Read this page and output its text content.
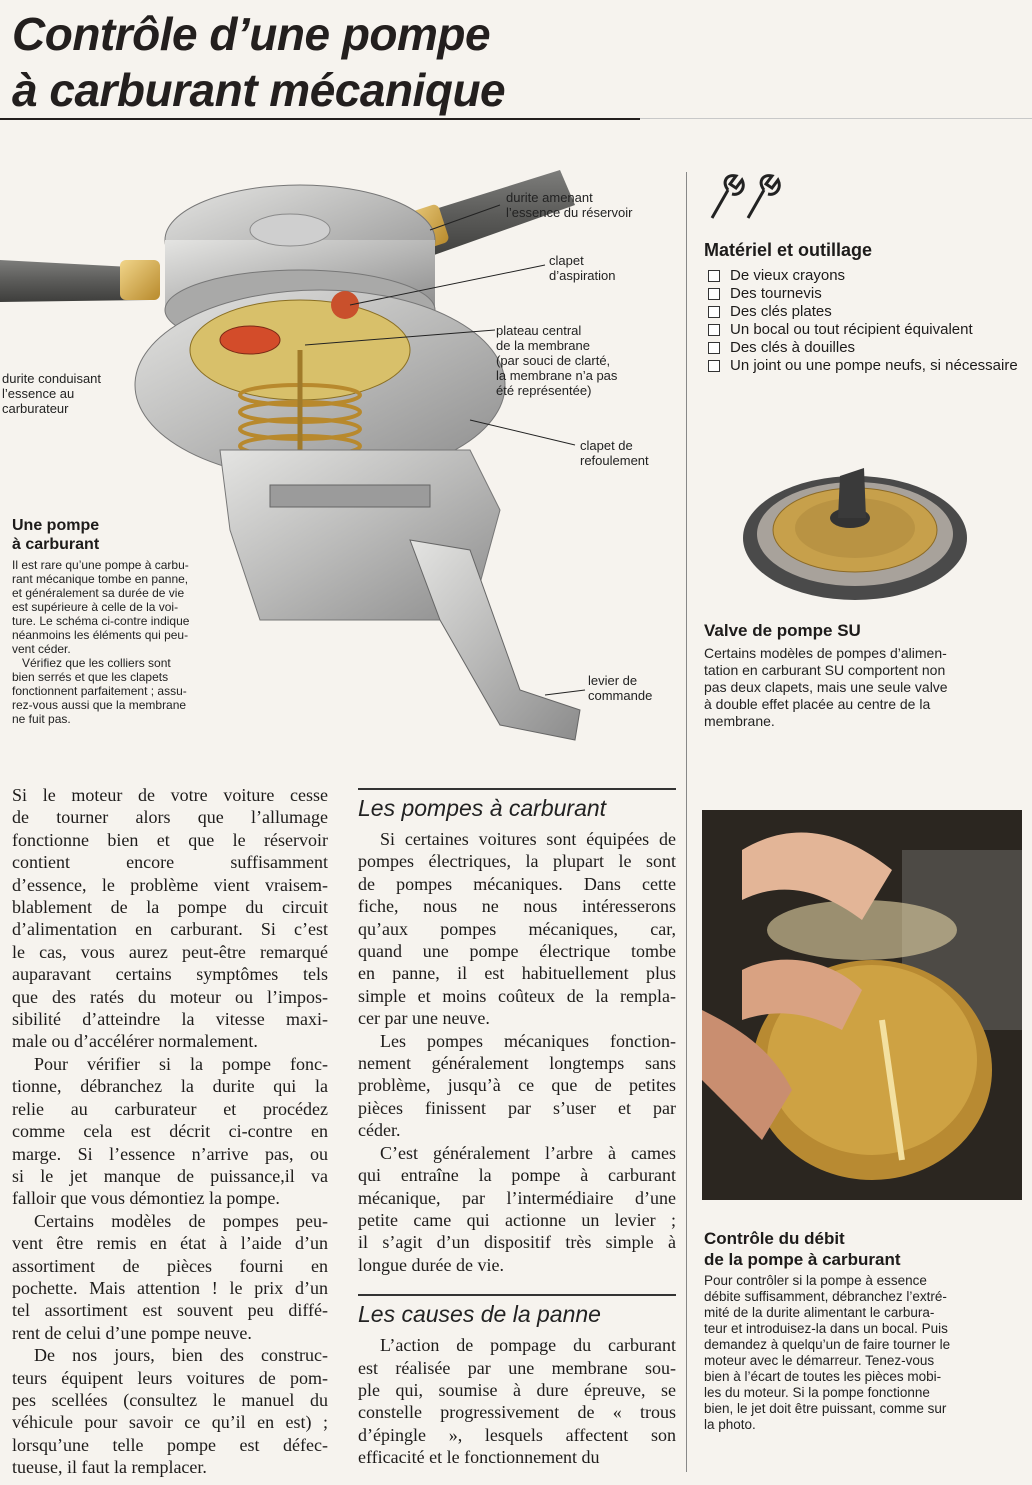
Contrôle d’une pompe
à carburant mécanique
durite amenant
l’essence du réservoir
clapet
d’aspiration
plateau central
de la membrane
(par souci de clarté,
la membrane n’a pas
été représentée)
durite conduisant
l’essence au
carburateur
clapet de
refoulement
levier de
commande
Une pompe
à carburant
Il est rare qu’une pompe à carbu-
rant mécanique tombe en panne,
et généralement sa durée de vie
est supérieure à celle de la voi-
ture. Le schéma ci-contre indique
néanmoins les éléments qui peu-
vent céder.
Vérifiez que les colliers sont
bien serrés et que les clapets
fonctionnent parfaitement ; assu-
rez-vous aussi que la membrane
ne fuit pas.

Si le moteur de votre voiture cesse
de tourner alors que l’allumage
fonctionne bien et que le réservoir
contient encore suffisamment
d’essence, le problème vient vraisem-
blablement de la pompe du circuit
d’alimentation en carburant. Si c’est
le cas, vous aurez peut-être remarqué
auparavant certains symptômes tels
que des ratés du moteur ou l’impos-
sibilité d’atteindre la vitesse maxi-
male ou d’accélérer normalement.

Pour vérifier si la pompe fonc-
tionne, débranchez la durite qui la
relie au carburateur et procédez
comme cela est décrit ci-contre en
marge. Si l’essence n’arrive pas, ou
si le jet manque de puissance,il va
falloir que vous démontiez la pompe.

Certains modèles de pompes peu-
vent être remis en état à l’aide d’un
assortiment de pièces fourni en
pochette. Mais attention ! le prix d’un
tel assortiment est souvent peu diffé-
rent de celui d’une pompe neuve.

De nos jours, bien des construc-
teurs équipent leurs voitures de pom-
pes scellées (consultez le manuel du
véhicule pour savoir ce qu’il en est) ;
lorsqu’une telle pompe est défec-
tueuse, il faut la remplacer.

Les pompes à carburant

Si certaines voitures sont équipées de
pompes électriques, la plupart le sont
de pompes mécaniques. Dans cette
fiche, nous ne nous intéresserons
qu’aux pompes mécaniques, car,
quand une pompe électrique tombe
en panne, il est habituellement plus
simple et moins coûteux de la rempla-
cer par une neuve.

Les pompes mécaniques fonction-
nement généralement longtemps sans
problème, jusqu’à ce que de petites
pièces finissent par s’user et par
céder.

C’est généralement l’arbre à cames
qui entraîne la pompe à carburant
mécanique, par l’intermédiaire d’une
petite came qui actionne un levier ;
il s’agit d’un dispositif très simple à
longue durée de vie.

Les causes de la panne

L’action de pompage du carburant
est réalisée par une membrane sou-
ple qui, soumise à dure épreuve, se
constelle progressivement de « trous
d’épingle », lesquels affectent son
efficacité et le fonctionnement du

Matériel et outillage
De vieux crayons
Des tournevis
Des clés plates
Un bocal ou tout récipient équivalent
Des clés à douilles
Un joint ou une pompe neufs, si nécessaire
Valve de pompe SU
Certains modèles de pompes d’alimen-
tation en carburant SU comportent non
pas deux clapets, mais une seule valve
à double effet placée au centre de la
membrane.
Contrôle du débit
de la pompe à carburant
Pour contrôler si la pompe à essence
débite suffisamment, débranchez l’extré-
mité de la durite alimentant le carbura-
teur et introduisez-la dans un bocal. Puis
demandez à quelqu’un de faire tourner le
moteur avec le démarreur. Tenez-vous
bien à l’écart de toutes les pièces mobi-
les du moteur. Si la pompe fonctionne
bien, le jet doit être puissant, comme sur
la photo.
